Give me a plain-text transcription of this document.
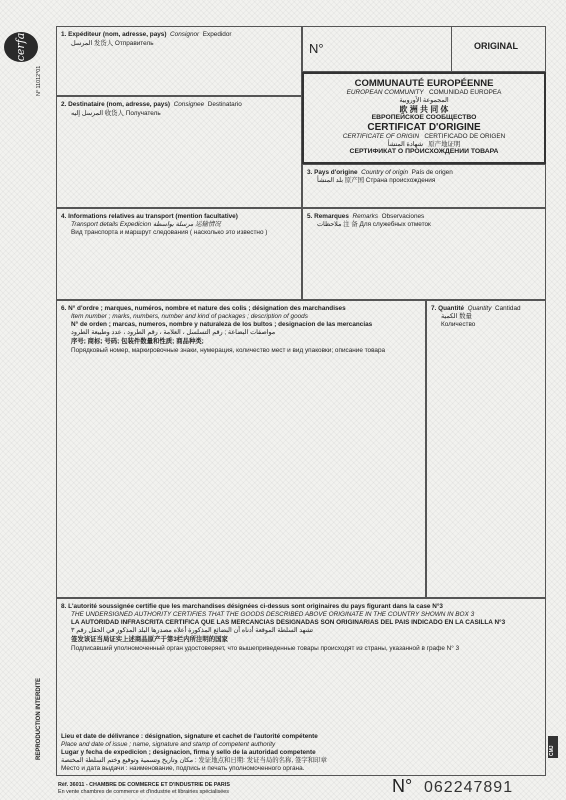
cerfa
N° 11012*01
REPRODUCTION INTERDITE
1. Expéditeur (nom, adresse, pays) Consignor Expedidor
المرسل 发货人 Отправитель	N°	ORIGINAL
2. Destinataire (nom, adresse, pays) Consignee Destinatario
المرسل إليه 收货人 Получатель
COMMUNAUTÉ EUROPÉENNE
EUROPEAN COMMUNITY COMUNIDAD EUROPEA
المجموعة الأوروبية
欧 洲 共 同 体
ЕВРОПЕЙСКОЕ СООБЩЕСТВО
CERTIFICAT D'ORIGINE
CERTIFICATE OF ORIGIN CERTIFICADO DE ORIGEN
شهادة المنشأ 原产地证明
СЕРТИФИКАТ О ПРОИСХОЖДЕНИИ ТОВАРА
3. Pays d'origine Country of origin País de origen
بلد المنشأ 原产国 Страна происхождения
4. Informations relatives au transport (mention facultative)
Transport details Expedicion مرسلة بواسطة 运输情况
Вид транспорта и маршрут следования ( насколько это известно )
5. Remarques Remarks Observaciones
ملاحظات 注 备 Для служебных отметок
6. N° d'ordre ; marques, numéros, nombre et nature des colis ; désignation des marchandises
Item number ; marks, numbers, number and kind of packages ; description of goods
N° de orden ; marcas, numeros, nombre y naturaleza de los bultos ; designacion de las mercancias
مواصفات البضاعة ; رقم التسلسل ، العلامة ، رقم الطرود ، عدد وطبيعة الطرود
序号; 商标; 号码; 包装件数量和性质; 商品种类;
Порядковый номер, маркировочные знаки, нумерация, количество мест и вид упаковки; описание товара
7. Quantité Quantity Cantidad
الكمية 数量
Количество
8. L'autorité soussignée certifie que les marchandises désignées ci-dessus sont originaires du pays figurant dans la case N°3
THE UNDERSIGNED AUTHORITY CERTIFIES THAT THE GOODS DESCRIBED ABOVE ORIGINATE IN THE COUNTRY SHOWN IN BOX 3
LA AUTORIDAD INFRASCRITA CERTIFICA QUE LAS MERCANCIAS DESIGNADAS SON ORIGINARIAS DEL PAIS INDICADO EN LA CASILLA N°3
تشهد السلطة الموقعة أدناه أن البضائع المذكورة أعلاه مصدرها البلد المذكور في الحقل رقم ٣
签发该证当局证实上述商品原产于第3栏内所注明的国家
Подписавший уполномоченный орган удостоверяет, что вышеприведенные товары происходят из страны, указанной в графе N° 3
Lieu et date de délivrance : désignation, signature et cachet de l'autorité compétente
Place and date of issue ; name, signature and stamp of competent authority
Lugar y fecha de expedicion ; designacion, firma y sello de la autoridad competente
مكان وتاريخ وتسمية وتوقيع وختم السلطة المختصة : 发证地点和日期: 发证当局的名称, 签字和印章
Место и дата выдачи : наименование, подпись и печать уполномоченного органа.
CMJ
Réf. 36011 - CHAMBRE DE COMMERCE ET D'INDUSTRIE DE PARIS
En vente chambres de commerce et d'industrie et librairies spécialisées	N° 062247891
